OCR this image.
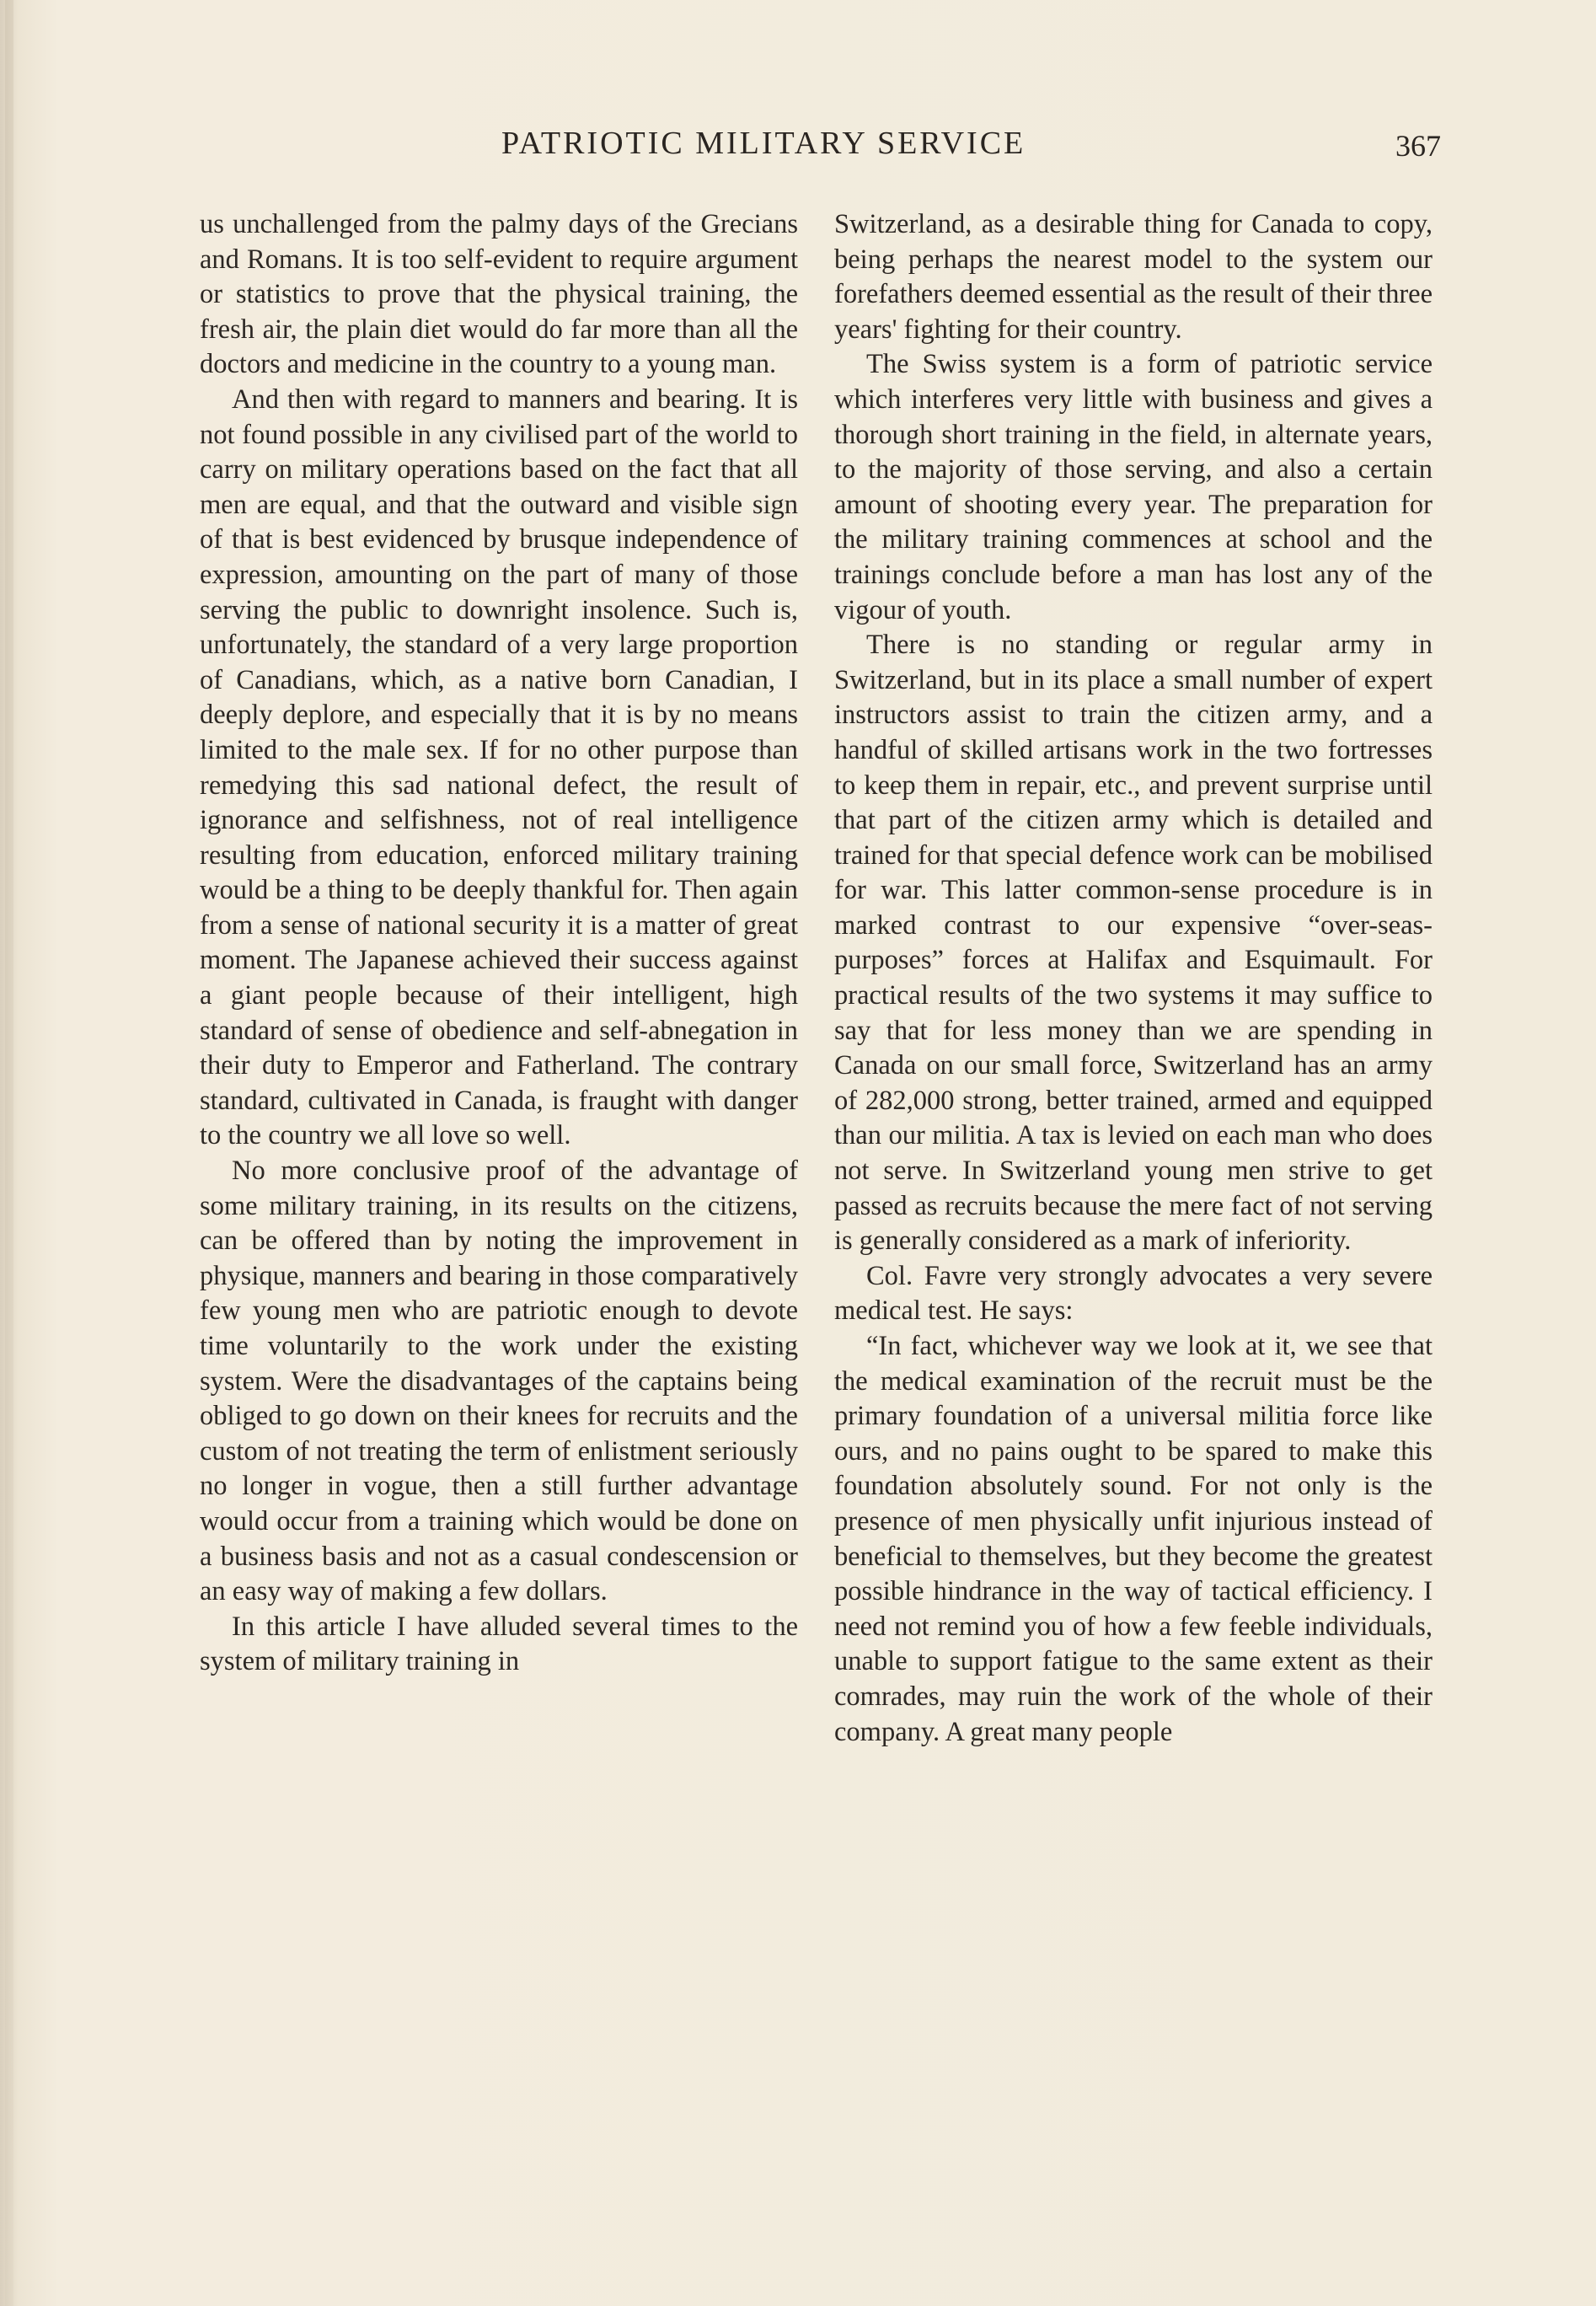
PATRIOTIC MILITARY SERVICE	367

us unchallenged from the palmy days of the Grecians and Romans. It is too self-evident to require argument or statistics to prove that the physical training, the fresh air, the plain diet would do far more than all the doctors and medicine in the country to a young man.

And then with regard to manners and bearing. It is not found possible in any civilised part of the world to carry on military operations based on the fact that all men are equal, and that the outward and visible sign of that is best evidenced by brusque independence of expression, amounting on the part of many of those serving the public to downright insolence. Such is, unfortunately, the standard of a very large proportion of Canadians, which, as a native born Canadian, I deeply deplore, and especially that it is by no means limited to the male sex. If for no other purpose than remedying this sad national defect, the result of ignorance and selfishness, not of real intelligence resulting from education, enforced military training would be a thing to be deeply thankful for. Then again from a sense of national security it is a matter of great moment. The Japanese achieved their success against a giant people because of their intelligent, high standard of sense of obedience and self-abnegation in their duty to Emperor and Fatherland. The contrary standard, cultivated in Canada, is fraught with danger to the country we all love so well.

No more conclusive proof of the advantage of some military training, in its results on the citizens, can be offered than by noting the improvement in physique, manners and bearing in those comparatively few young men who are patriotic enough to devote time voluntarily to the work under the existing system. Were the disadvantages of the captains being obliged to go down on their knees for recruits and the custom of not treating the term of enlistment seriously no longer in vogue, then a still further advantage would occur from a training which would be done on a business basis and not as a casual condescension or an easy way of making a few dollars.

In this article I have alluded several times to the system of military training in

Switzerland, as a desirable thing for Canada to copy, being perhaps the nearest model to the system our forefathers deemed essential as the result of their three years' fighting for their country.

The Swiss system is a form of patriotic service which interferes very little with business and gives a thorough short training in the field, in alternate years, to the majority of those serving, and also a certain amount of shooting every year. The preparation for the military training commences at school and the trainings conclude before a man has lost any of the vigour of youth.

There is no standing or regular army in Switzerland, but in its place a small number of expert instructors assist to train the citizen army, and a handful of skilled artisans work in the two fortresses to keep them in repair, etc., and prevent surprise until that part of the citizen army which is detailed and trained for that special defence work can be mobilised for war. This latter common-sense procedure is in marked contrast to our expensive “over-seas-purposes” forces at Halifax and Esquimault. For practical results of the two systems it may suffice to say that for less money than we are spending in Canada on our small force, Switzerland has an army of 282,000 strong, better trained, armed and equipped than our militia. A tax is levied on each man who does not serve. In Switzerland young men strive to get passed as recruits because the mere fact of not serving is generally considered as a mark of inferiority.

Col. Favre very strongly advocates a very severe medical test. He says:

“In fact, whichever way we look at it, we see that the medical examination of the recruit must be the primary foundation of a universal militia force like ours, and no pains ought to be spared to make this foundation absolutely sound. For not only is the presence of men physically unfit injurious instead of beneficial to themselves, but they become the greatest possible hindrance in the way of tactical efficiency. I need not remind you of how a few feeble individuals, unable to support fatigue to the same extent as their comrades, may ruin the work of the whole of their company. A great many people
